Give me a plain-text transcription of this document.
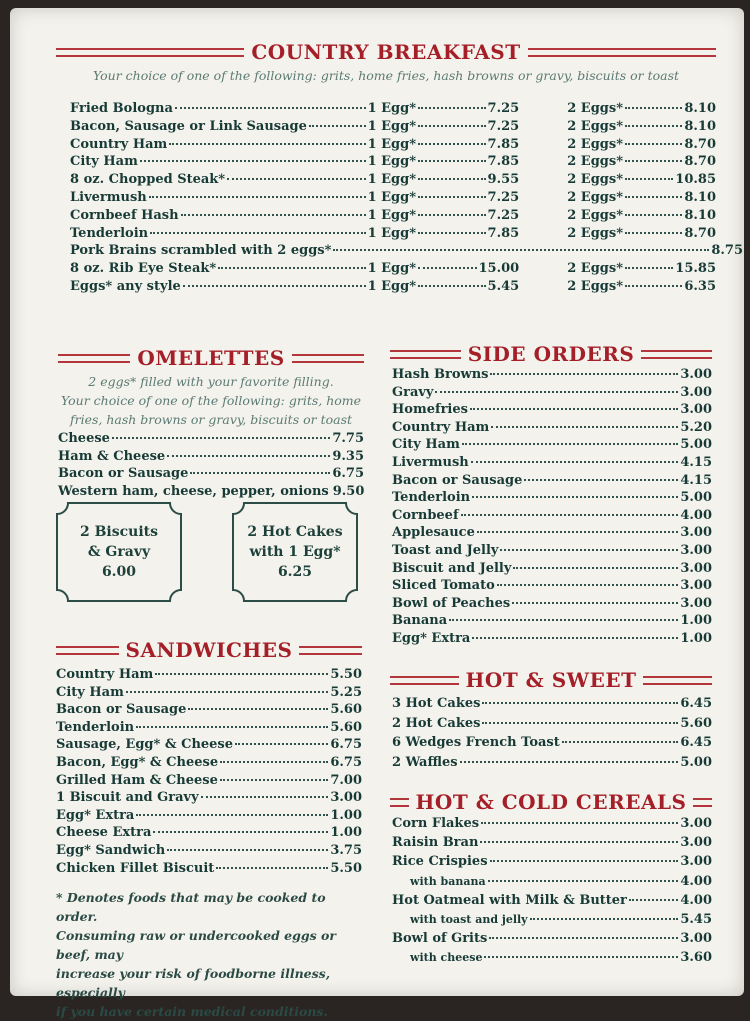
COUNTRY BREAKFAST
Your choice of one of the following: grits, home fries, hash browns or gravy, biscuits or toast
Fried Bologna	1 Egg*	7.25	2 Eggs*	8.10
Bacon, Sausage or Link Sausage	1 Egg*	7.25	2 Eggs*	8.10
Country Ham	1 Egg*	7.85	2 Eggs*	8.70
City Ham	1 Egg*	7.85	2 Eggs*	8.70
8 oz. Chopped Steak*	1 Egg*	9.55	2 Eggs*	10.85
Livermush	1 Egg*	7.25	2 Eggs*	8.10
Cornbeef Hash	1 Egg*	7.25	2 Eggs*	8.10
Tenderloin	1 Egg*	7.85	2 Eggs*	8.70
Pork Brains scrambled with 2 eggs*	8.75
8 oz. Rib Eye Steak*	1 Egg*	15.00	2 Eggs*	15.85
Eggs* any style	1 Egg*	5.45	2 Eggs*	6.35
OMELETTES
2 eggs* filled with your favorite filling.
Your choice of one of the following: grits, home
fries, hash browns or gravy, biscuits or toast
Cheese	7.75
Ham & Cheese	9.35
Bacon or Sausage	6.75
Western ham, cheese, pepper, onions 9.50
2 Biscuits
& Gravy
6.00
2 Hot Cakes
with 1 Egg*
6.25
SANDWICHES
Country Ham	5.50
City Ham	5.25
Bacon or Sausage	5.60
Tenderloin	5.60
Sausage, Egg* & Cheese	6.75
Bacon, Egg* & Cheese	6.75
Grilled Ham & Cheese	7.00
1 Biscuit and Gravy	3.00
Egg* Extra	1.00
Cheese Extra	1.00
Egg* Sandwich	3.75
Chicken Fillet Biscuit	5.50
* Denotes foods that may be cooked to order.
Consuming raw or undercooked eggs or beef, may
increase your risk of foodborne illness, especially
if you have certain medical conditions.
SIDE ORDERS
Hash Browns	3.00
Gravy	3.00
Homefries	3.00
Country Ham	5.20
City Ham	5.00
Livermush	4.15
Bacon or Sausage	4.15
Tenderloin	5.00
Cornbeef	4.00
Applesauce	3.00
Toast and Jelly	3.00
Biscuit and Jelly	3.00
Sliced Tomato	3.00
Bowl of Peaches	3.00
Banana	1.00
Egg* Extra	1.00
HOT & SWEET
3 Hot Cakes	6.45
2 Hot Cakes	5.60
6 Wedges French Toast	6.45
2 Waffles	5.00
HOT & COLD CEREALS
Corn Flakes	3.00
Raisin Bran	3.00
Rice Crispies	3.00
with banana	4.00
Hot Oatmeal with Milk & Butter	4.00
with toast and jelly	5.45
Bowl of Grits	3.00
with cheese	3.60
